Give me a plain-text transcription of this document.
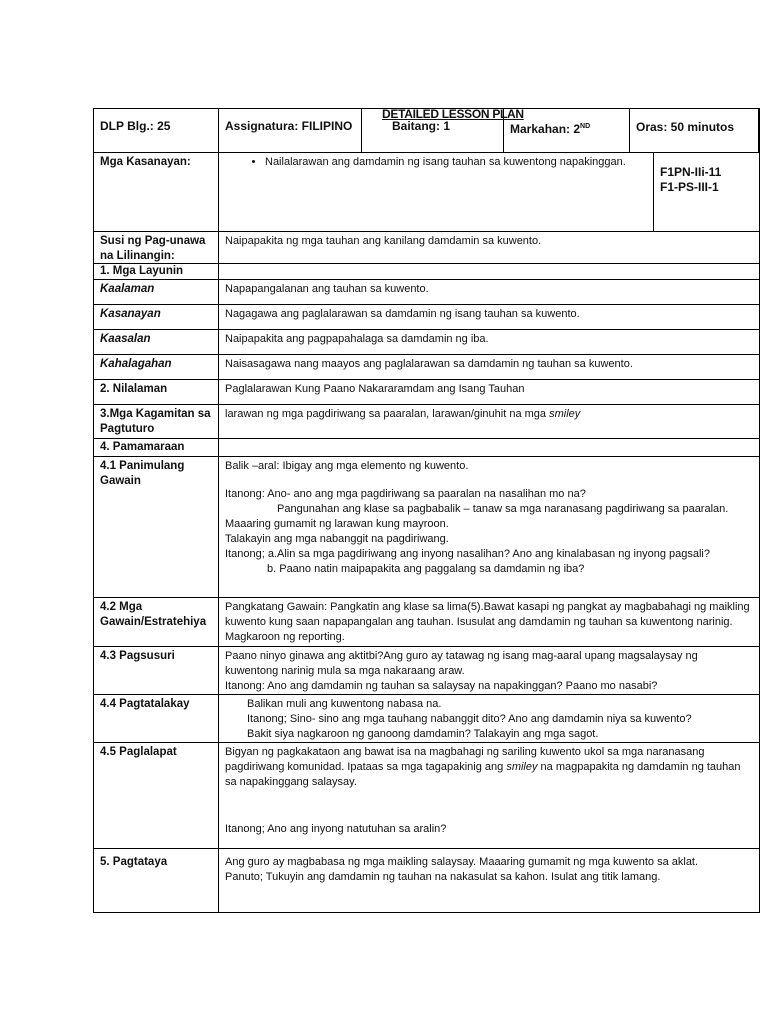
DLP Blg.: 25	Assignatura: FILIPINO	Baitang: 1	Markahan: 2ND	Oras: 50 minutos
DETAILED LESSON PLAN
Mga Kasanayan:
•	Nailalarawan ang damdamin ng isang tauhan sa kuwentong napakinggan.
F1PN-IIi-11
F1-PS-III-1
Susi ng Pag-unawa na Lilinangin:
Naipapakita ng mga tauhan ang kanilang damdamin sa kuwento.
1. Mga Layunin
Kaalaman	Napapangalanan ang tauhan sa kuwento.
Kasanayan	Nagagawa ang paglalarawan sa damdamin ng isang tauhan sa kuwento.
Kaasalan	Naipapakita ang pagpapahalaga sa damdamin ng iba.
Kahalagahan	Naisasagawa nang maayos ang paglalarawan sa damdamin ng tauhan sa kuwento.
2. Nilalaman	Paglalarawan Kung Paano Nakararamdam ang Isang Tauhan
3.Mga Kagamitan sa Pagtuturo
larawan ng mga pagdiriwang sa paaralan, larawan/ginuhit na mga smiley
4. Pamamaraan
4.1 Panimulang Gawain

Balik –aral: Ibigay ang mga elemento ng kuwento.

Itanong: Ano- ano ang mga pagdiriwang sa paaralan na nasalihan mo na?

Pangunahan ang klase sa pagbabalik – tanaw sa mga naranasang pagdiriwang sa paaralan. Maaaring gumamit ng larawan kung mayroon.

Talakayin ang mga nabanggit na pagdiriwang.

Itanong; a.Alin sa mga pagdiriwang ang inyong nasalihan? Ano ang kinalabasan ng inyong pagsali?

b. Paano natin maipapakita ang paggalang sa damdamin ng iba?

4.2 Mga Gawain/Estratehiya
Pangkatang Gawain: Pangkatin ang klase sa lima(5).Bawat kasapi ng pangkat ay magbabahagi ng maikling kuwento kung saan napapangalan ang tauhan. Isusulat ang damdamin ng tauhan sa kuwentong narinig. Magkaroon ng reporting.
4.3 Pagsusuri	Paano ninyo ginawa ang aktitbi?Ang guro ay tatawag ng isang mag-aaral upang magsalaysay ng kuwentong narinig mula sa mga nakaraang araw.

Itanong: Ano ang damdamin ng tauhan sa salaysay na napakinggan? Paano mo nasabi?

4.4 Pagtatalakay	Balikan muli ang kuwentong nabasa na.

Itanong; Sino- sino ang mga tauhang nabanggit dito? Ano ang damdamin niya sa kuwento?

Bakit siya nagkaroon ng ganoong damdamin? Talakayin ang mga sagot.

4.5 Paglalapat	Bigyan ng pagkakataon ang bawat isa na magbahagi ng sariling kuwento ukol sa mga naranasang pagdiriwang komunidad. Ipataas sa mga tagapakinig ang smiley na magpapakita ng damdamin ng tauhan sa napakinggang salaysay.

Itanong; Ano ang inyong natutuhan sa aralin?

5. Pagtataya	Ang guro ay magbabasa ng mga maikling salaysay. Maaaring gumamit ng mga kuwento sa aklat.

Panuto; Tukuyin ang damdamin ng tauhan na nakasulat sa kahon. Isulat ang titik lamang.
